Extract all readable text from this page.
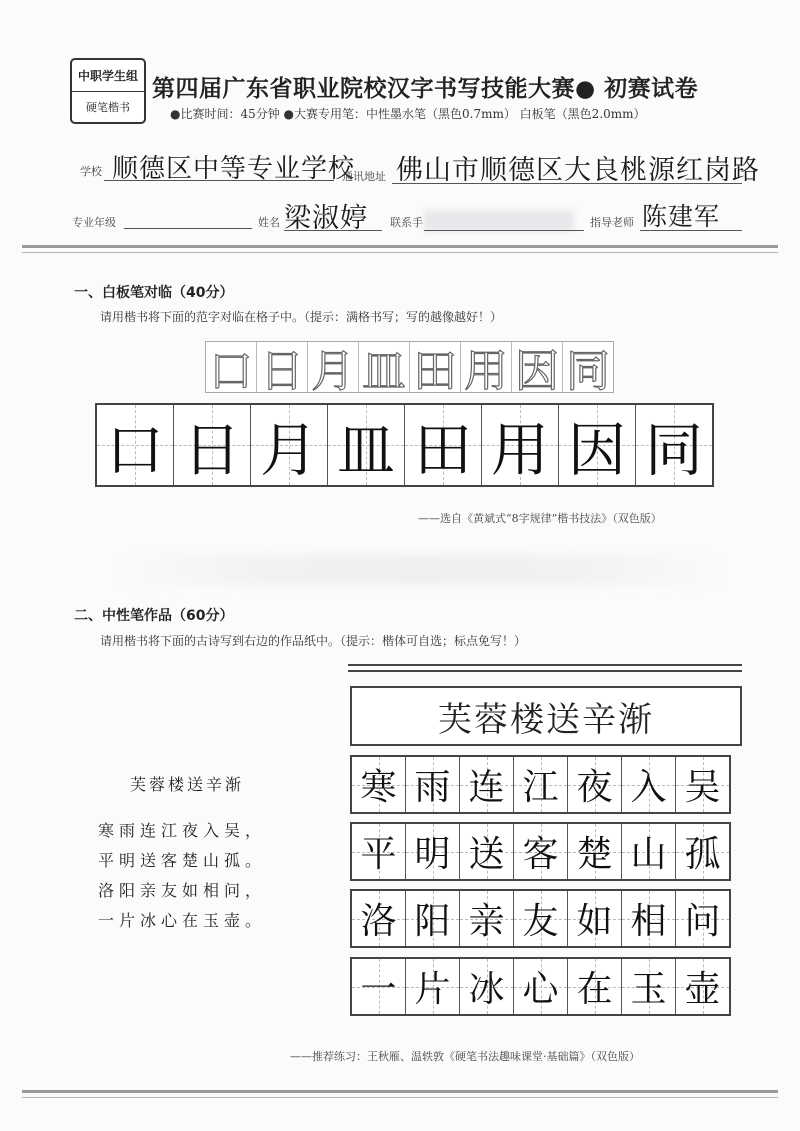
中职学生组
硬笔楷书
第四届广东省职业院校汉字书写技能大赛● 初赛试卷
●比赛时间：45分钟 ●大赛专用笔：中性墨水笔（黑色0.7mm） 白板笔（黑色2.0mm）
学校 顺德区中等专业学校
通讯地址 佛山市顺德区大良桃源红岗路
专业年级	姓名 梁淑婷 联系手	指导老师 陈建军
一、白板笔对临（40分）
请用楷书将下面的范字对临在格子中。（提示：满格书写；写的越像越好！）
口 日 月 皿 田 用 因 同
口 日 月 皿 田 用 因 同
——选自《黄斌式“8字规律”楷书技法》（双色版）
二、中性笔作品（60分）
请用楷书将下面的古诗写到右边的作品纸中。（提示：楷体可自选；标点免写！）
芙蓉楼送辛渐
寒雨连江夜入吴，
平明送客楚山孤。
洛阳亲友如相问，
一片冰心在玉壶。
芙蓉楼送辛渐
寒 雨 连 江 夜 入 吴
平 明 送 客 楚 山 孤
洛 阳 亲 友 如 相 问
一 片 冰 心 在 玉 壶
——推荐练习：王秋雁、温轶敦《硬笔书法趣味课堂·基础篇》（双色版）
